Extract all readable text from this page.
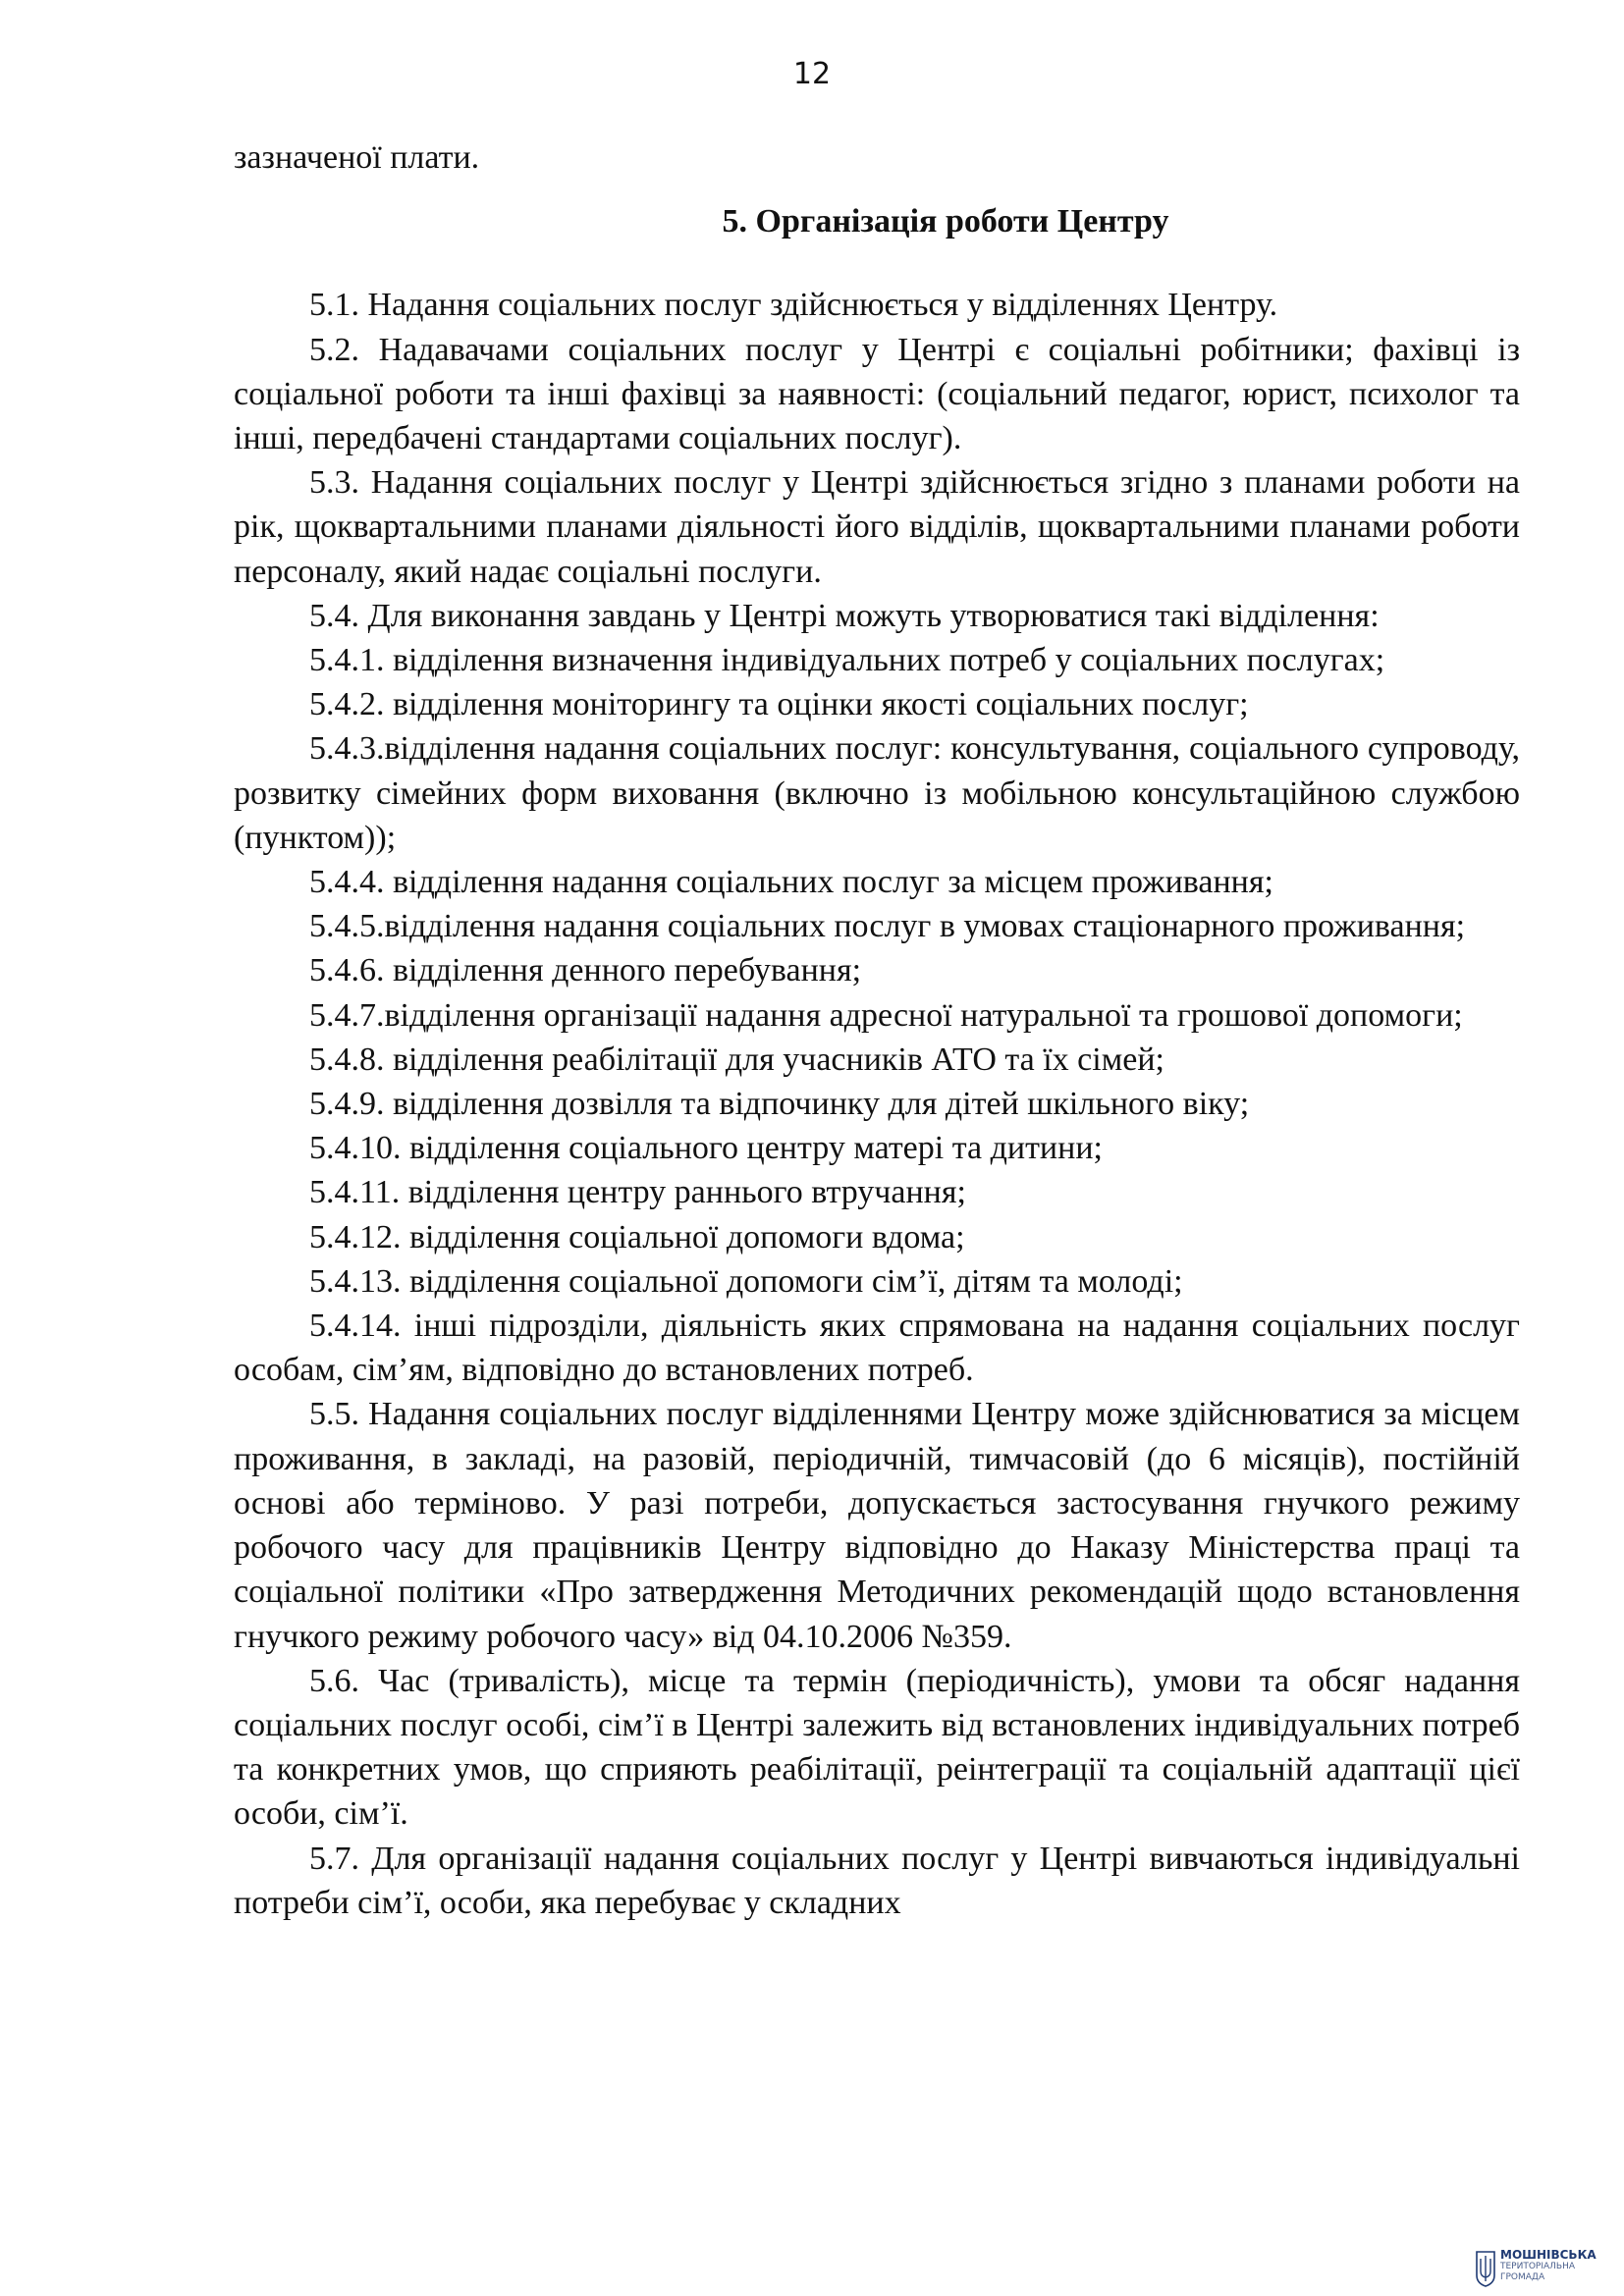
12

зазначеної плати.

5. Організація роботи Центру

5.1. Надання соціальних послуг здійснюється у відділеннях Центру.

5.2. Надавачами соціальних послуг у Центрі є соціальні робітники; фахівці із соціальної роботи та інші фахівці за наявності: (соціальний педагог, юрист, психолог та інші, передбачені стандартами соціальних послуг).

5.3. Надання соціальних послуг у Центрі здійснюється згідно з планами роботи на рік, щоквартальними планами діяльності його відділів, щоквартальними планами роботи персоналу, який надає соціальні послуги.

5.4. Для виконання завдань у Центрі можуть утворюватися такі відділення:

5.4.1. відділення визначення індивідуальних потреб у соціальних послугах;

5.4.2. відділення моніторингу та оцінки якості соціальних послуг;

5.4.3.відділення надання соціальних послуг: консультування, соціального супроводу, розвитку сімейних форм виховання (включно із мобільною консультаційною службою (пунктом));

5.4.4. відділення надання соціальних послуг за місцем проживання;

5.4.5.відділення надання соціальних послуг в умовах стаціонарного проживання;

5.4.6. відділення денного перебування;

5.4.7.відділення організації надання адресної натуральної та грошової допомоги;

5.4.8. відділення реабілітації для учасників АТО та їх сімей;

5.4.9. відділення дозвілля та відпочинку для дітей шкільного віку;

5.4.10. відділення соціального центру матері та дитини;

5.4.11. відділення центру раннього втручання;

5.4.12. відділення соціальної допомоги вдома;

5.4.13. відділення соціальної допомоги сім’ї, дітям та молоді;

5.4.14. інші підрозділи, діяльність яких спрямована на надання соціальних послуг особам, сім’ям, відповідно до встановлених потреб.

5.5. Надання соціальних послуг відділеннями Центру може здійснюватися за місцем проживання, в закладі, на разовій, періодичній, тимчасовій (до 6 місяців), постійній основі або терміново. У разі потреби, допускається застосування гнучкого режиму робочого часу для працівників Центру відповідно до Наказу Міністерства праці та соціальної політики «Про затвердження Методичних рекомендацій щодо встановлення гнучкого режиму робочого часу» від 04.10.2006 №359.

5.6. Час (тривалість), місце та термін (періодичність), умови та обсяг надання соціальних послуг особі, сім’ї в Центрі залежить від встановлених індивідуальних потреб та конкретних умов, що сприяють реабілітації, реінтеграції та соціальній адаптації цієї особи, сім’ї.

5.7. Для організації надання соціальних послуг у Центрі вивчаються індивідуальні потреби сім’ї, особи, яка перебуває у складних

МОШНІВСЬКА
ТЕРИТОРІАЛЬНА
ГРОМАДА
